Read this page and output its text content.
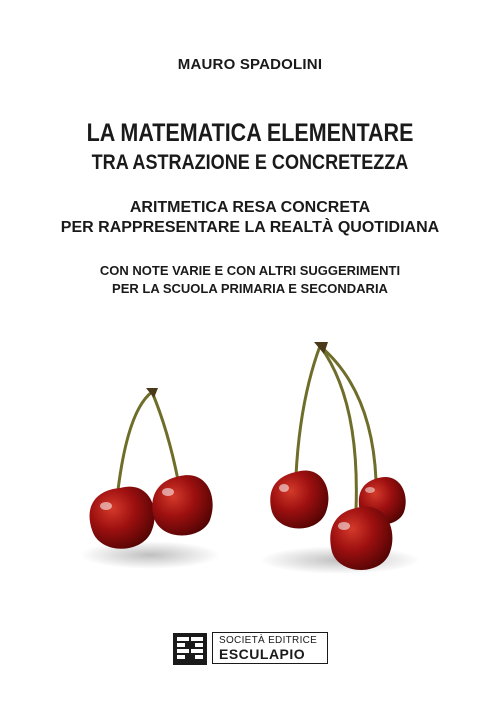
MAURO SPADOLINI
LA MATEMATICA ELEMENTARE
TRA ASTRAZIONE E CONCRETEZZA
ARITMETICA RESA CONCRETA
PER RAPPRESENTARE LA REALTÀ QUOTIDIANA
CON NOTE VARIE E CON ALTRI SUGGERIMENTI
PER LA SCUOLA PRIMARIA E SECONDARIA
SOCIETÀ EDITRICE
ESCULAPIO
